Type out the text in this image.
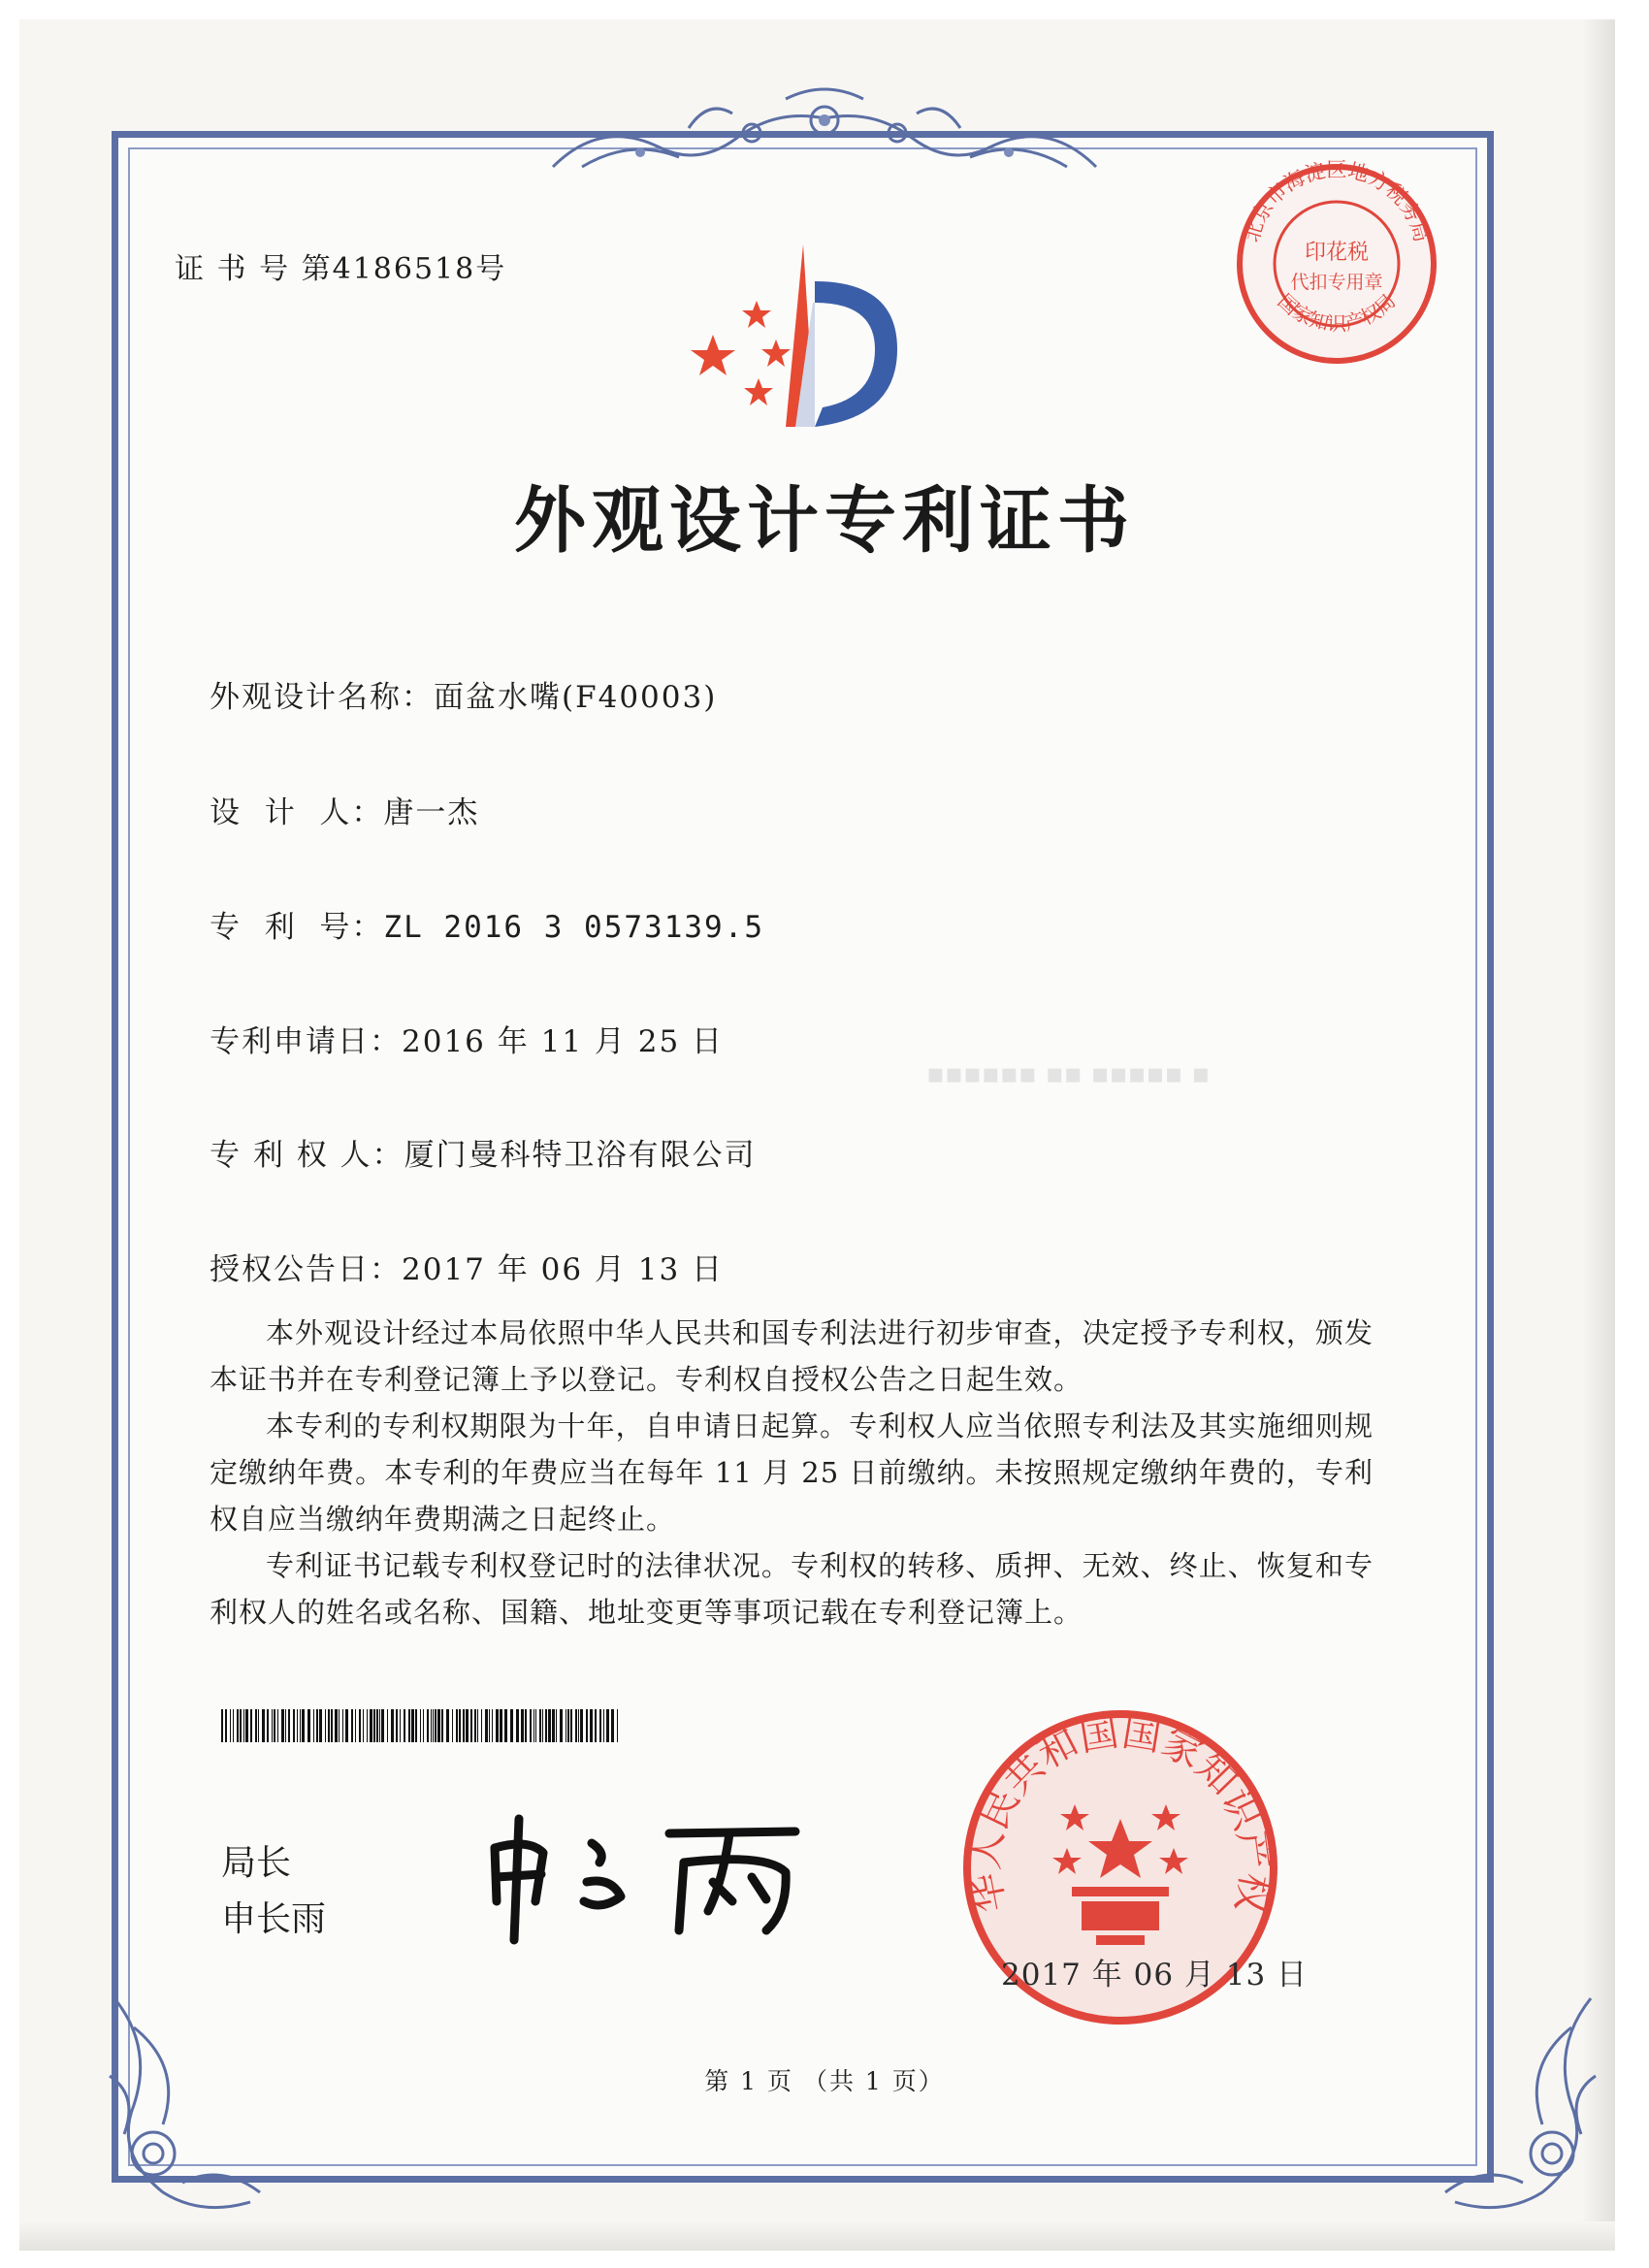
▪▪▪▪▪▪ ▪▪ ▪▪▪▪▪ ▪
证 书 号 第4186518号
外观设计专利证书
外观设计名称：面盆水嘴(F40003)
设  计  人：唐一杰
专  利  号：ZL 2016 3 0573139.5
专利申请日：2016 年 11 月 25 日
专 利 权 人：厦门曼科特卫浴有限公司
授权公告日：2017 年 06 月 13 日

本外观设计经过本局依照中华人民共和国专利法进行初步审查，决定授予专利权，颁发本证书并在专利登记簿上予以登记。专利权自授权公告之日起生效。

本专利的专利权期限为十年，自申请日起算。专利权人应当依照专利法及其实施细则规定缴纳年费。本专利的年费应当在每年 11 月 25 日前缴纳。未按照规定缴纳年费的，专利权自应当缴纳年费期满之日起终止。

专利证书记载专利权登记时的法律状况。专利权的转移、质押、无效、终止、恢复和专利权人的姓名或名称、国籍、地址变更等事项记载在专利登记簿上。

局长
申长雨
华人民共和国国家知识产权
2017 年 06 月 13 日
北京市海淀区地方税务局
国家知识产权局
印花税
代扣专用章
第 1 页 （共 1 页）
